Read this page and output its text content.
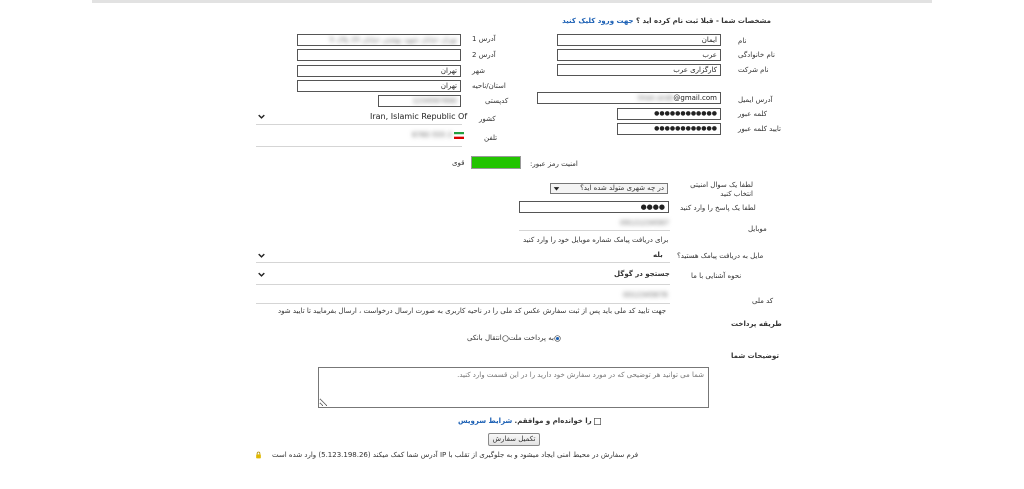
مشخصات شما - قبلا ثبت نام کرده اید ؟ جهت ورود کلیک کنید
نام
ایمان
نام خانوادگی
عرب
نام شرکت
کارگزاری عرب
آدرس ایمیل
iman.arab@gmail.com
کلمه عبور
●●●●●●●●●●●●
تایید کلمه عبور
●●●●●●●●●●●●
آدرس 1
تهران خیابان شهید بهشتی خیابان 25 پلاک 5
آدرس 2
شهر
تهران
استان/ناحیه
تهران
کدپستی
1234567890
کشور
Iran, Islamic Republic Of
تلفن
6780 555 2
امنیت رمز عبور:
قوی
لطفا یک سوال امنیتی انتخاب کنید
در چه شهری متولد شده اید؟
لطفا یک پاسخ را وارد کنید
●●●●
موبایل
09121234567
برای دریافت پیامک شماره موبایل خود را وارد کنید
مایل به دریافت پیامک هستید؟
بله
نحوه آشنایی با ما
جستجو در گوگل
کد ملی
0012345678
جهت تایید کد ملی باید پس از ثبت سفارش عکس کد ملی را در ناحیه کاربری به صورت ارسال درخواست ، ارسال بفرمایید تا تایید شود
طریقه پرداخت
به پرداخت ملتانتقال بانکی
توضیحات شما
شما می توانید هر توضیحی که در مورد سفارش خود دارید را در این قسمت وارد کنید.
را خوانده‌ام و موافقم. شرایط سرویس
تکمیل سفارش
فرم سفارش در محیط امنی ایجاد میشود و به جلوگیری از تقلب با IP آدرس شما کمک میکند (5.123.198.26) وارد شده است
